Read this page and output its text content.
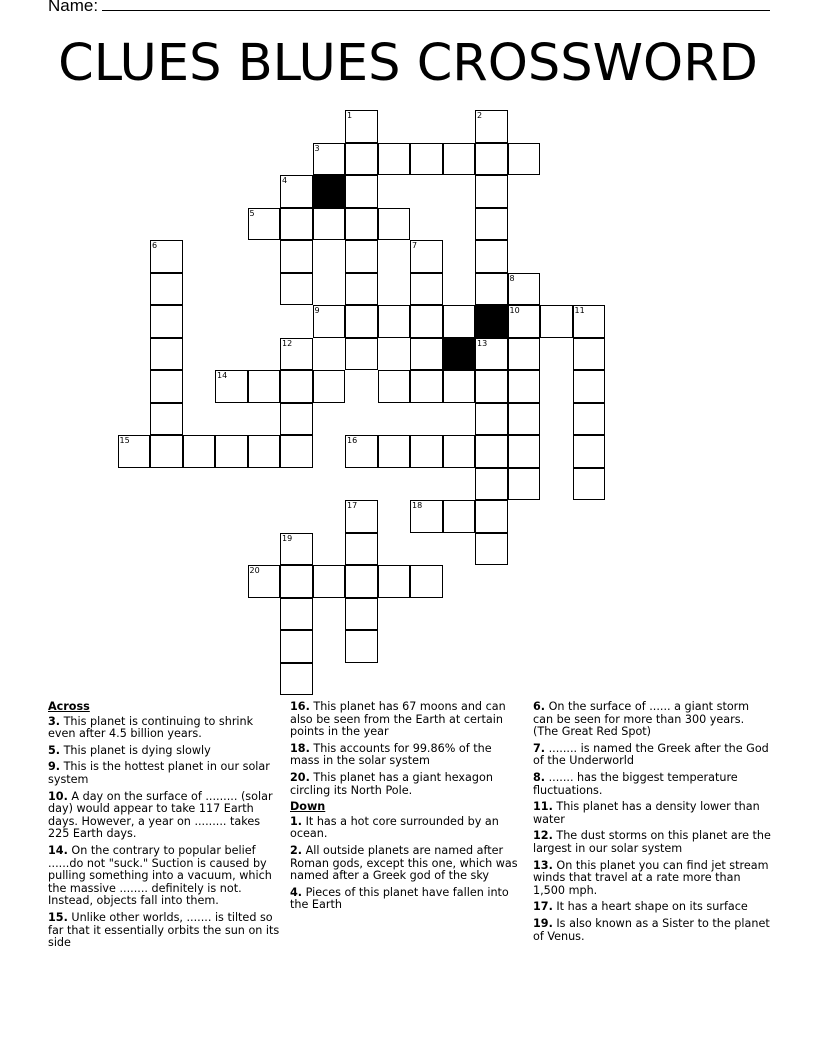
Name:
CLUES BLUES CROSSWORD
1	2
3
4
5
6	7
8
9	10	11
12	13
14
15	16
17	18
19
20
Across
3. This planet is continuing to shrink even after 4.5 billion years.
5. This planet is dying slowly
9. This is the hottest planet in our solar system
10. A day on the surface of ......... (solar day) would appear to take 117 Earth days. However, a year on ......... takes 225 Earth days.
14. On the contrary to popular belief ......do not "suck." Suction is caused by pulling something into a vacuum, which the massive ........ definitely is not. Instead, objects fall into them.
15. Unlike other worlds, ....... is tilted so far that it essentially orbits the sun on its side
16. This planet has 67 moons and can also be seen from the Earth at certain points in the year
18. This accounts for 99.86% of the mass in the solar system
20. This planet has a giant hexagon circling its North Pole.
Down
1. It has a hot core surrounded by an ocean.
2. All outside planets are named after Roman gods, except this one, which was named after a Greek god of the sky
4. Pieces of this planet have fallen into the Earth
6. On the surface of ...... a giant storm can be seen for more than 300 years. (The Great Red Spot)
7. ........ is named the Greek after the God of the Underworld
8. ....... has the biggest temperature fluctuations.
11. This planet has a density lower than water
12. The dust storms on this planet are the largest in our solar system
13. On this planet you can find jet stream winds that travel at a rate more than 1,500 mph.
17. It has a heart shape on its surface
19. Is also known as a Sister to the planet of Venus.
